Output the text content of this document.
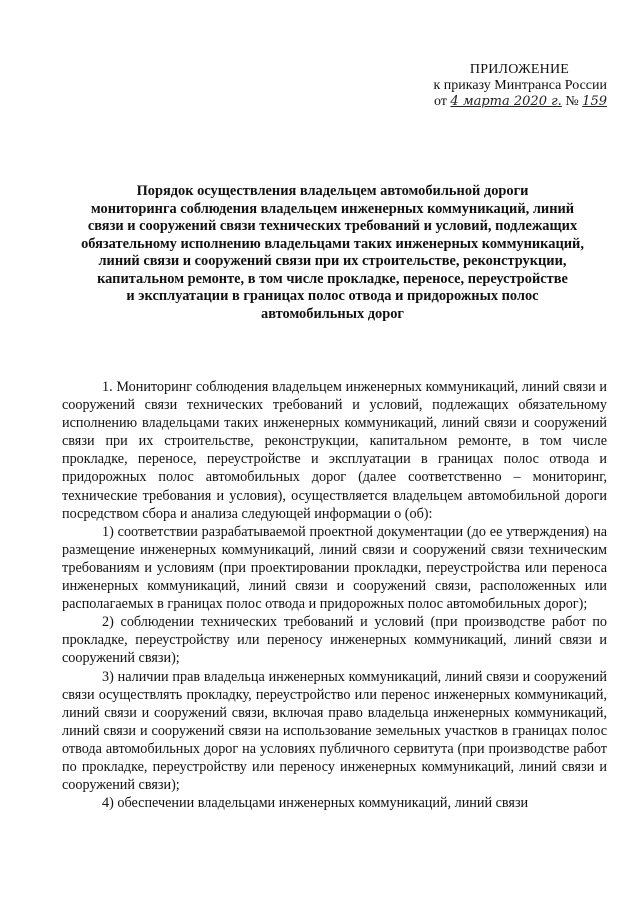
ПРИЛОЖЕНИЕ
к приказу Минтранса России
от 4 марта 2020 г. № 159
Порядок осуществления владельцем автомобильной дороги
мониторинга соблюдения владельцем инженерных коммуникаций, линий
связи и сооружений связи технических требований и условий, подлежащих
обязательному исполнению владельцами таких инженерных коммуникаций,
линий связи и сооружений связи при их строительстве, реконструкции,
капитальном ремонте, в том числе прокладке, переносе, переустройстве
и эксплуатации в границах полос отвода и придорожных полос
автомобильных дорог

1. Мониторинг соблюдения владельцем инженерных коммуникаций, линий связи и сооружений связи технических требований и условий, подлежащих обязательному исполнению владельцами таких инженерных коммуникаций, линий связи и сооружений связи при их строительстве, реконструкции, капитальном ремонте, в том числе прокладке, переносе, переустройстве и эксплуатации в границах полос отвода и придорожных полос автомобильных дорог (далее соответственно – мониторинг, технические требования и условия), осуществляется владельцем автомобильной дороги посредством сбора и анализа следующей информации о (об):

1) соответствии разрабатываемой проектной документации (до ее утверждения) на размещение инженерных коммуникаций, линий связи и сооружений связи техническим требованиям и условиям (при проектировании прокладки, переустройства или переноса инженерных коммуникаций, линий связи и сооружений связи, расположенных или располагаемых в границах полос отвода и придорожных полос автомобильных дорог);

2) соблюдении технических требований и условий (при производстве работ по прокладке, переустройству или переносу инженерных коммуникаций, линий связи и сооружений связи);

3) наличии прав владельца инженерных коммуникаций, линий связи и сооружений связи осуществлять прокладку, переустройство или перенос инженерных коммуникаций, линий связи и сооружений связи, включая право владельца инженерных коммуникаций, линий связи и сооружений связи на использование земельных участков в границах полос отвода автомобильных дорог на условиях публичного сервитута (при производстве работ по прокладке, переустройству или переносу инженерных коммуникаций, линий связи и сооружений связи);

4) обеспечении владельцами инженерных коммуникаций, линий связи
